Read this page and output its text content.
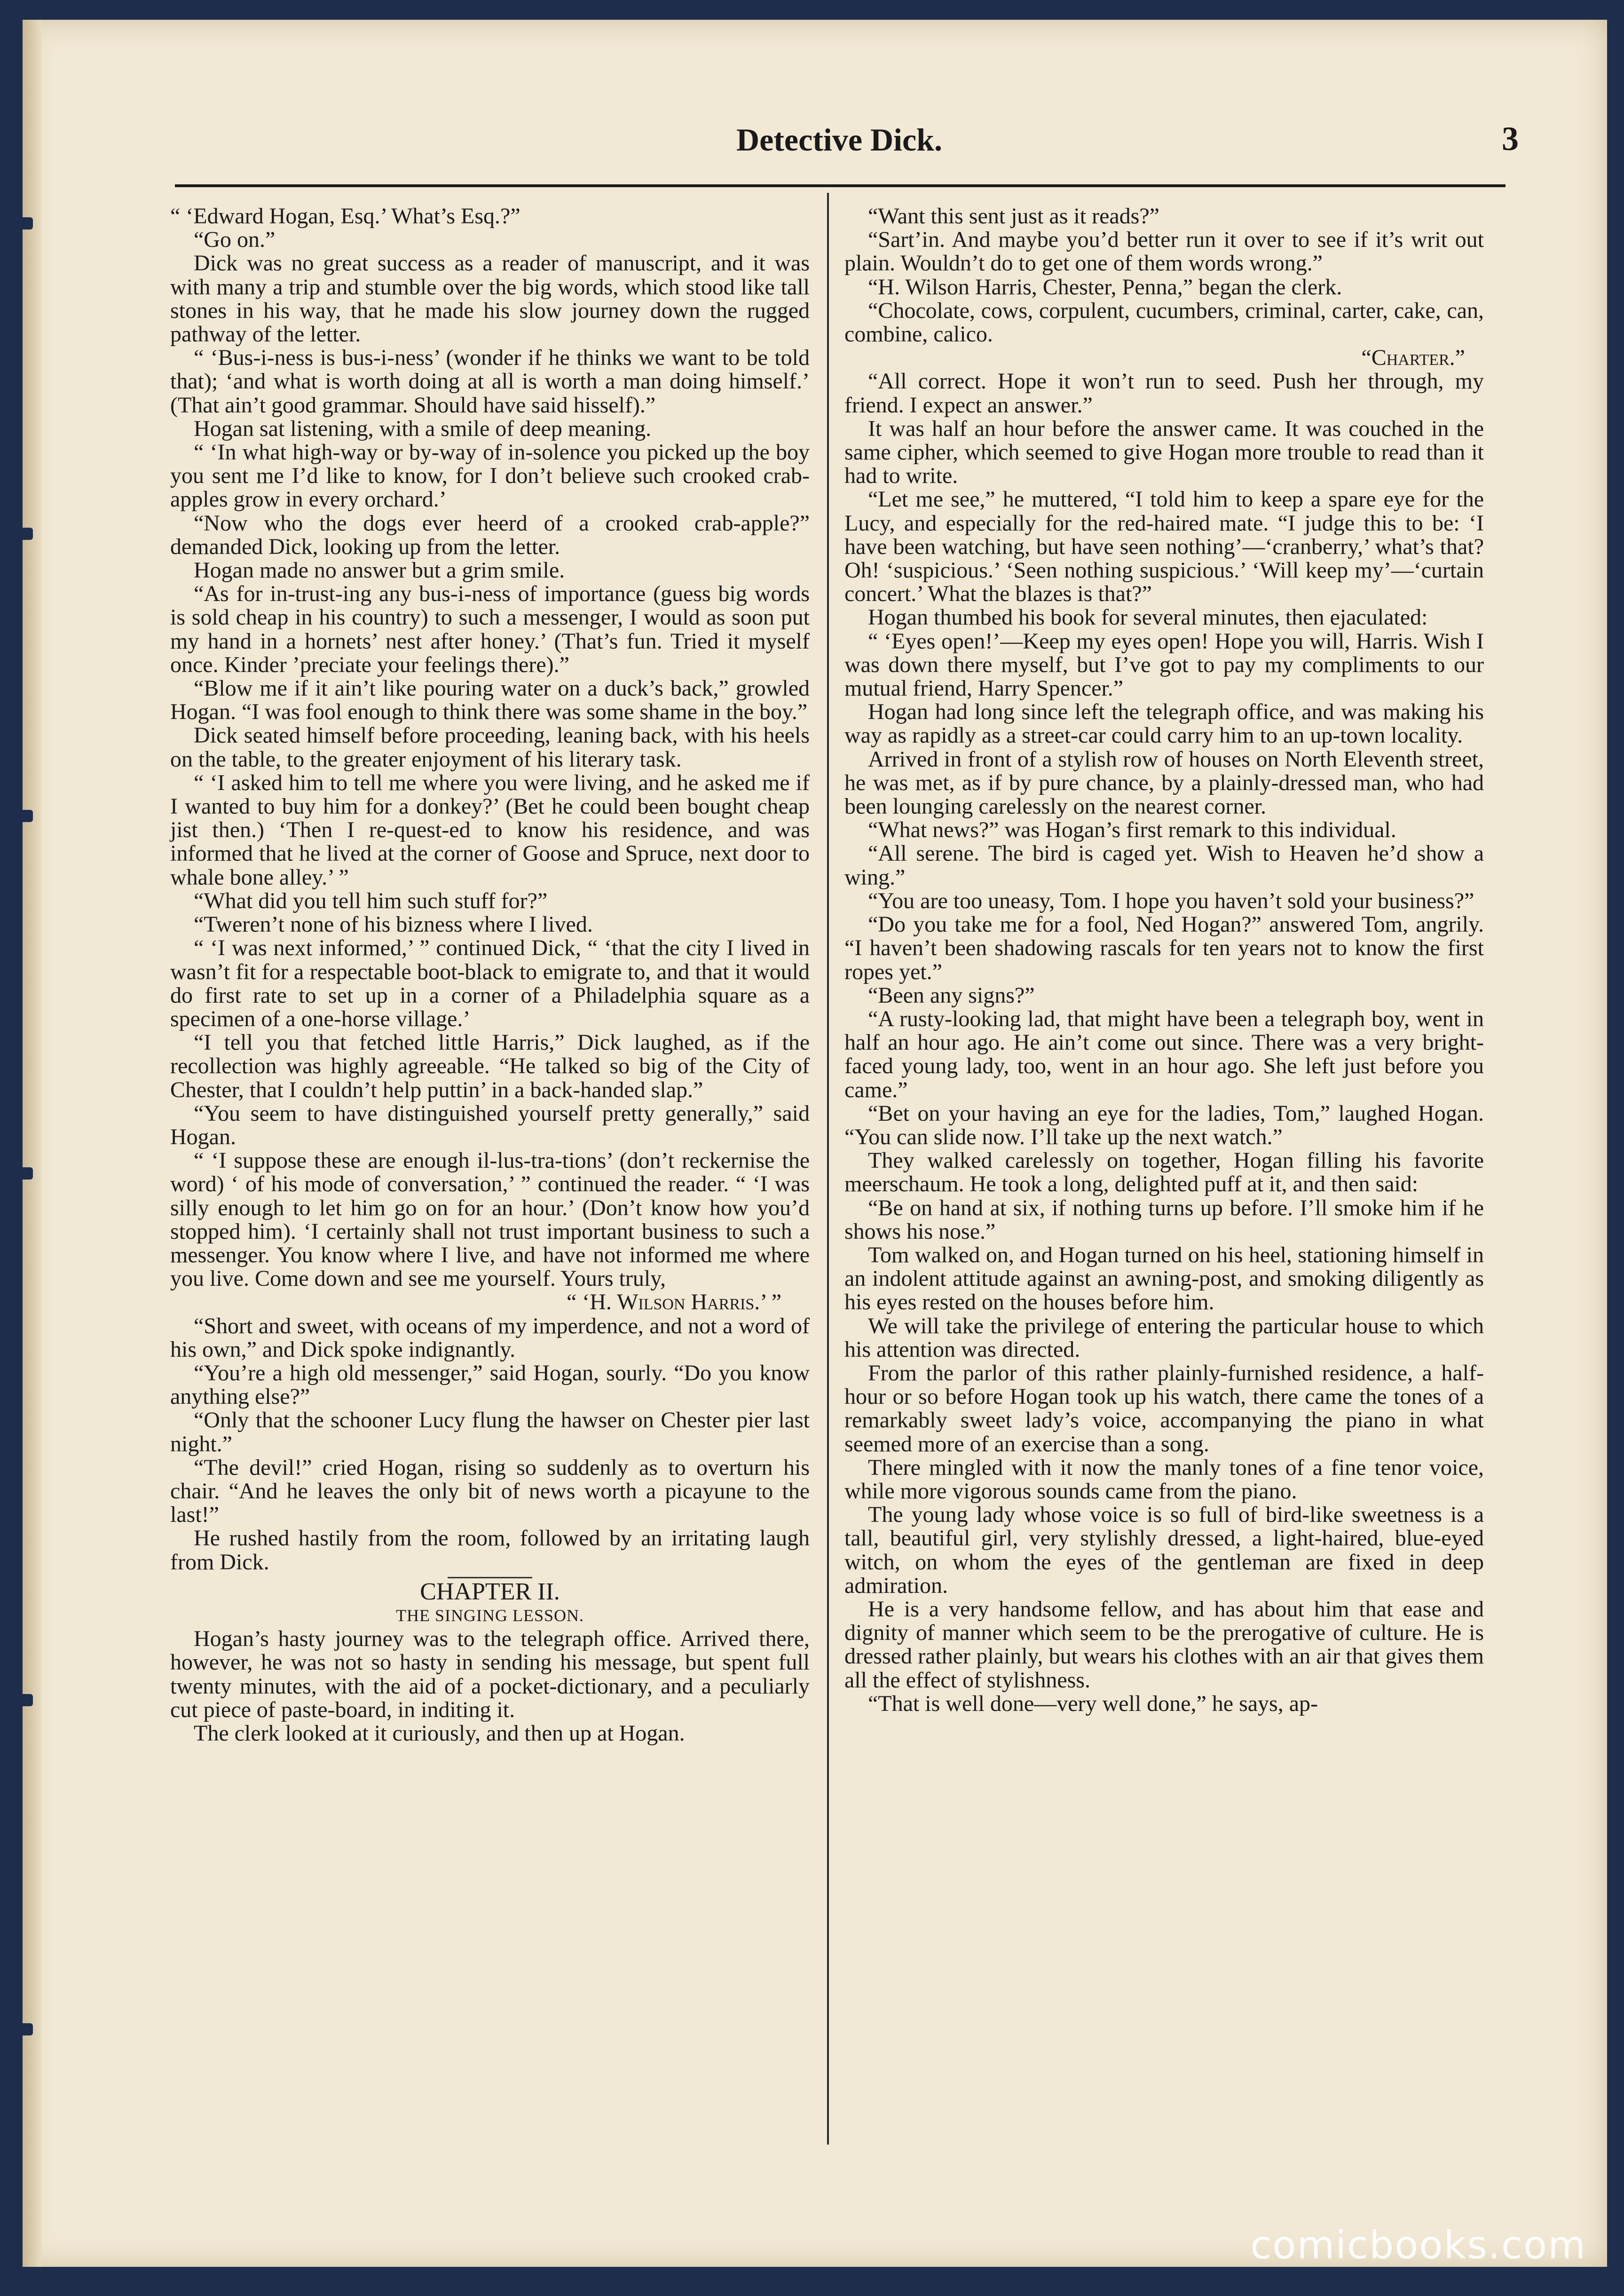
Detective Dick.	3

“ ‘Edward Hogan, Esq.’ What’s Esq.?”

“Go on.”

Dick was no great success as a reader of manuscript, and it was with many a trip and stumble over the big words, which stood like tall stones in his way, that he made his slow journey down the rugged pathway of the letter.

“ ‘Bus-i-ness is bus-i-ness’ (wonder if he thinks we want to be told that); ‘and what is worth doing at all is worth a man doing himself.’ (That ain’t good grammar. Should have said hisself).”

Hogan sat listening, with a smile of deep meaning.

“ ‘In what high-way or by-way of in-solence you picked up the boy you sent me I’d like to know, for I don’t believe such crooked crab-apples grow in every orchard.’

“Now who the dogs ever heerd of a crooked crab-apple?” demanded Dick, looking up from the letter.

Hogan made no answer but a grim smile.

“As for in-trust-ing any bus-i-ness of importance (guess big words is sold cheap in his country) to such a messenger, I would as soon put my hand in a hornets’ nest after honey.’ (That’s fun. Tried it myself once. Kinder ’preciate your feelings there).”

“Blow me if it ain’t like pouring water on a duck’s back,” growled Hogan. “I was fool enough to think there was some shame in the boy.”

Dick seated himself before proceeding, leaning back, with his heels on the table, to the greater enjoyment of his literary task.

“ ‘I asked him to tell me where you were living, and he asked me if I wanted to buy him for a donkey?’ (Bet he could been bought cheap jist then.) ‘Then I re-quest-ed to know his residence, and was informed that he lived at the corner of Goose and Spruce, next door to whale bone alley.’ ”

“What did you tell him such stuff for?”

“Tweren’t none of his bizness where I lived.

“ ‘I was next informed,’ ” continued Dick, “ ‘that the city I lived in wasn’t fit for a respectable boot-black to emigrate to, and that it would do first rate to set up in a corner of a Philadelphia square as a specimen of a one-horse village.’

“I tell you that fetched little Harris,” Dick laughed, as if the recollection was highly agreeable. “He talked so big of the City of Chester, that I couldn’t help puttin’ in a back-handed slap.”

“You seem to have distinguished yourself pretty generally,” said Hogan.

“ ‘I suppose these are enough il-lus-tra-tions’ (don’t reckernise the word) ‘ of his mode of conversation,’ ” continued the reader. “ ‘I was silly enough to let him go on for an hour.’ (Don’t know how you’d stopped him). ‘I certainly shall not trust important business to such a messenger. You know where I live, and have not informed me where you live. Come down and see me yourself. Yours truly,

“ ‘H. Wilson Harris.’ ”

“Short and sweet, with oceans of my imperdence, and not a word of his own,” and Dick spoke indignantly.

“You’re a high old messenger,” said Hogan, sourly. “Do you know anything else?”

“Only that the schooner Lucy flung the hawser on Chester pier last night.”

“The devil!” cried Hogan, rising so suddenly as to overturn his chair. “And he leaves the only bit of news worth a picayune to the last!”

He rushed hastily from the room, followed by an irritating laugh from Dick.

CHAPTER II.

THE SINGING LESSON.

Hogan’s hasty journey was to the telegraph office. Arrived there, however, he was not so hasty in sending his message, but spent full twenty minutes, with the aid of a pocket-dictionary, and a peculiarly cut piece of paste-board, in inditing it.

The clerk looked at it curiously, and then up at Hogan.

“Want this sent just as it reads?”

“Sart’in. And maybe you’d better run it over to see if it’s writ out plain. Wouldn’t do to get one of them words wrong.”

“H. Wilson Harris, Chester, Penna,” began the clerk.

“Chocolate, cows, corpulent, cucumbers, criminal, carter, cake, can, combine, calico.

“Charter.”

“All correct. Hope it won’t run to seed. Push her through, my friend. I expect an answer.”

It was half an hour before the answer came. It was couched in the same cipher, which seemed to give Hogan more trouble to read than it had to write.

“Let me see,” he muttered, “I told him to keep a spare eye for the Lucy, and especially for the red-haired mate. “I judge this to be: ‘I have been watching, but have seen nothing’—‘cranberry,’ what’s that? Oh! ‘suspicious.’ ‘Seen nothing suspicious.’ ‘Will keep my’—‘curtain concert.’ What the blazes is that?”

Hogan thumbed his book for several minutes, then ejaculated:

“ ‘Eyes open!’—Keep my eyes open! Hope you will, Harris. Wish I was down there myself, but I’ve got to pay my compliments to our mutual friend, Harry Spencer.”

Hogan had long since left the telegraph office, and was making his way as rapidly as a street-car could carry him to an up-town locality.

Arrived in front of a stylish row of houses on North Eleventh street, he was met, as if by pure chance, by a plainly-dressed man, who had been lounging carelessly on the nearest corner.

“What news?” was Hogan’s first remark to this individual.

“All serene. The bird is caged yet. Wish to Heaven he’d show a wing.”

“You are too uneasy, Tom. I hope you haven’t sold your business?”

“Do you take me for a fool, Ned Hogan?” answered Tom, angrily. “I haven’t been shadowing rascals for ten years not to know the first ropes yet.”

“Been any signs?”

“A rusty-looking lad, that might have been a telegraph boy, went in half an hour ago. He ain’t come out since. There was a very bright-faced young lady, too, went in an hour ago. She left just before you came.”

“Bet on your having an eye for the ladies, Tom,” laughed Hogan. “You can slide now. I’ll take up the next watch.”

They walked carelessly on together, Hogan filling his favorite meerschaum. He took a long, delighted puff at it, and then said:

“Be on hand at six, if nothing turns up before. I’ll smoke him if he shows his nose.”

Tom walked on, and Hogan turned on his heel, stationing himself in an indolent attitude against an awning-post, and smoking diligently as his eyes rested on the houses before him.

We will take the privilege of entering the particular house to which his attention was directed.

From the parlor of this rather plainly-furnished residence, a half-hour or so before Hogan took up his watch, there came the tones of a remarkably sweet lady’s voice, accompanying the piano in what seemed more of an exercise than a song.

There mingled with it now the manly tones of a fine tenor voice, while more vigorous sounds came from the piano.

The young lady whose voice is so full of bird-like sweetness is a tall, beautiful girl, very stylishly dressed, a light-haired, blue-eyed witch, on whom the eyes of the gentleman are fixed in deep admiration.

He is a very handsome fellow, and has about him that ease and dignity of manner which seem to be the prerogative of culture. He is dressed rather plainly, but wears his clothes with an air that gives them all the effect of stylishness.

“That is well done—very well done,” he says, ap-

comicbooks.com
